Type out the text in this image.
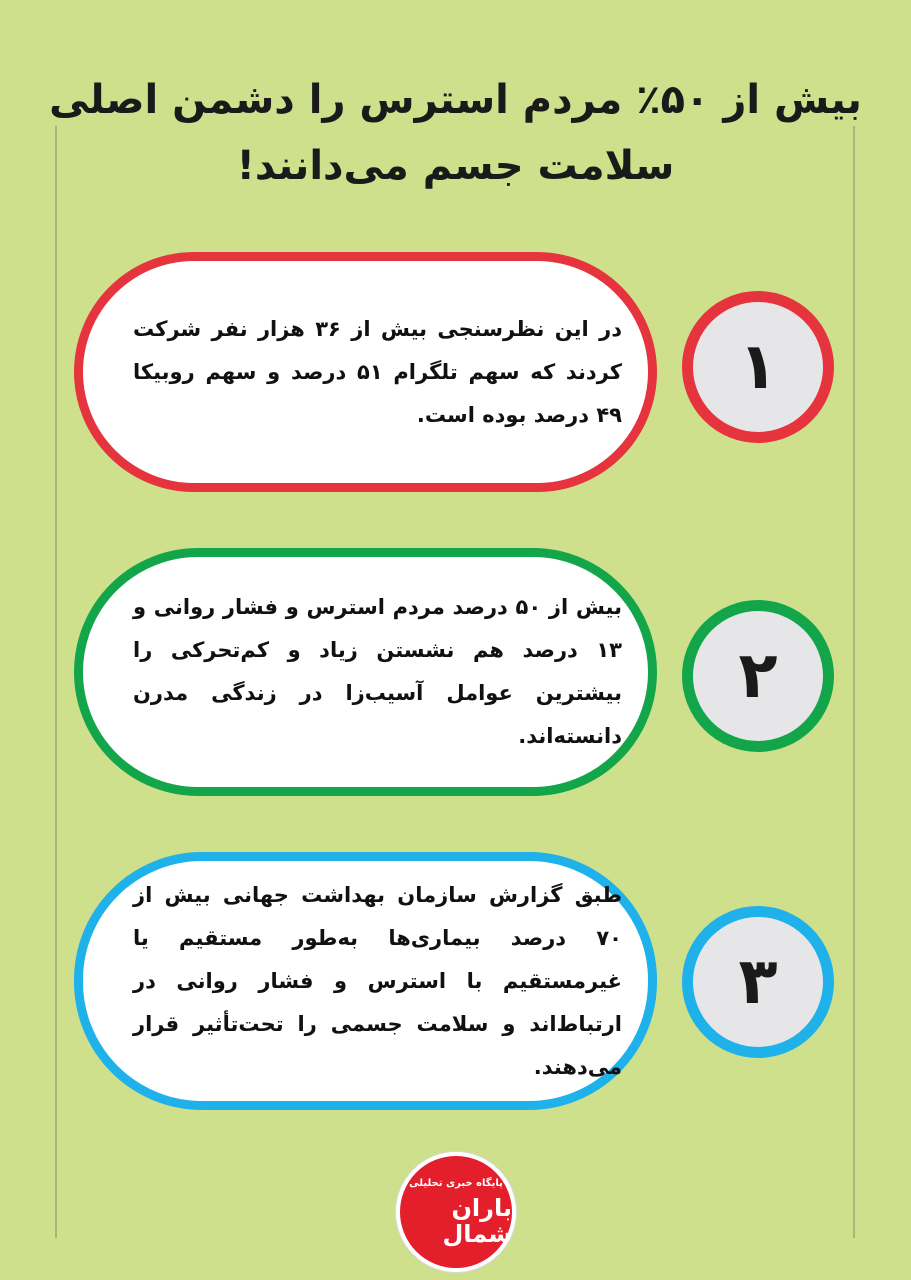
بیش از ۵۰٪ مردم استرس را دشمن اصلی
سلامت جسم می‌دانند!

در این نظرسنجی بیش از ۳۶ هزار نفر شرکت کردند که سهم تلگرام ۵۱ درصد و سهم روبیکا ۴۹ درصد بوده است.

۱

بیش از ۵۰ درصد مردم استرس و فشار روانی و ۱۳ درصد هم نشستن زیاد و کم‌تحرکی را بیشترین عوامل آسیب‌زا در زندگی مدرن دانسته‌اند.

۲

طبق گزارش سازمان بهداشت جهانی بیش از ۷۰ درصد بیماری‌ها به‌طور مستقیم یا غیرمستقیم با استرس و فشار روانی در ارتباط‌اند و سلامت جسمی را تحت‌تأثیر قرار می‌دهند.

۳
پایگاه خبری تحلیلی
باران شمال
